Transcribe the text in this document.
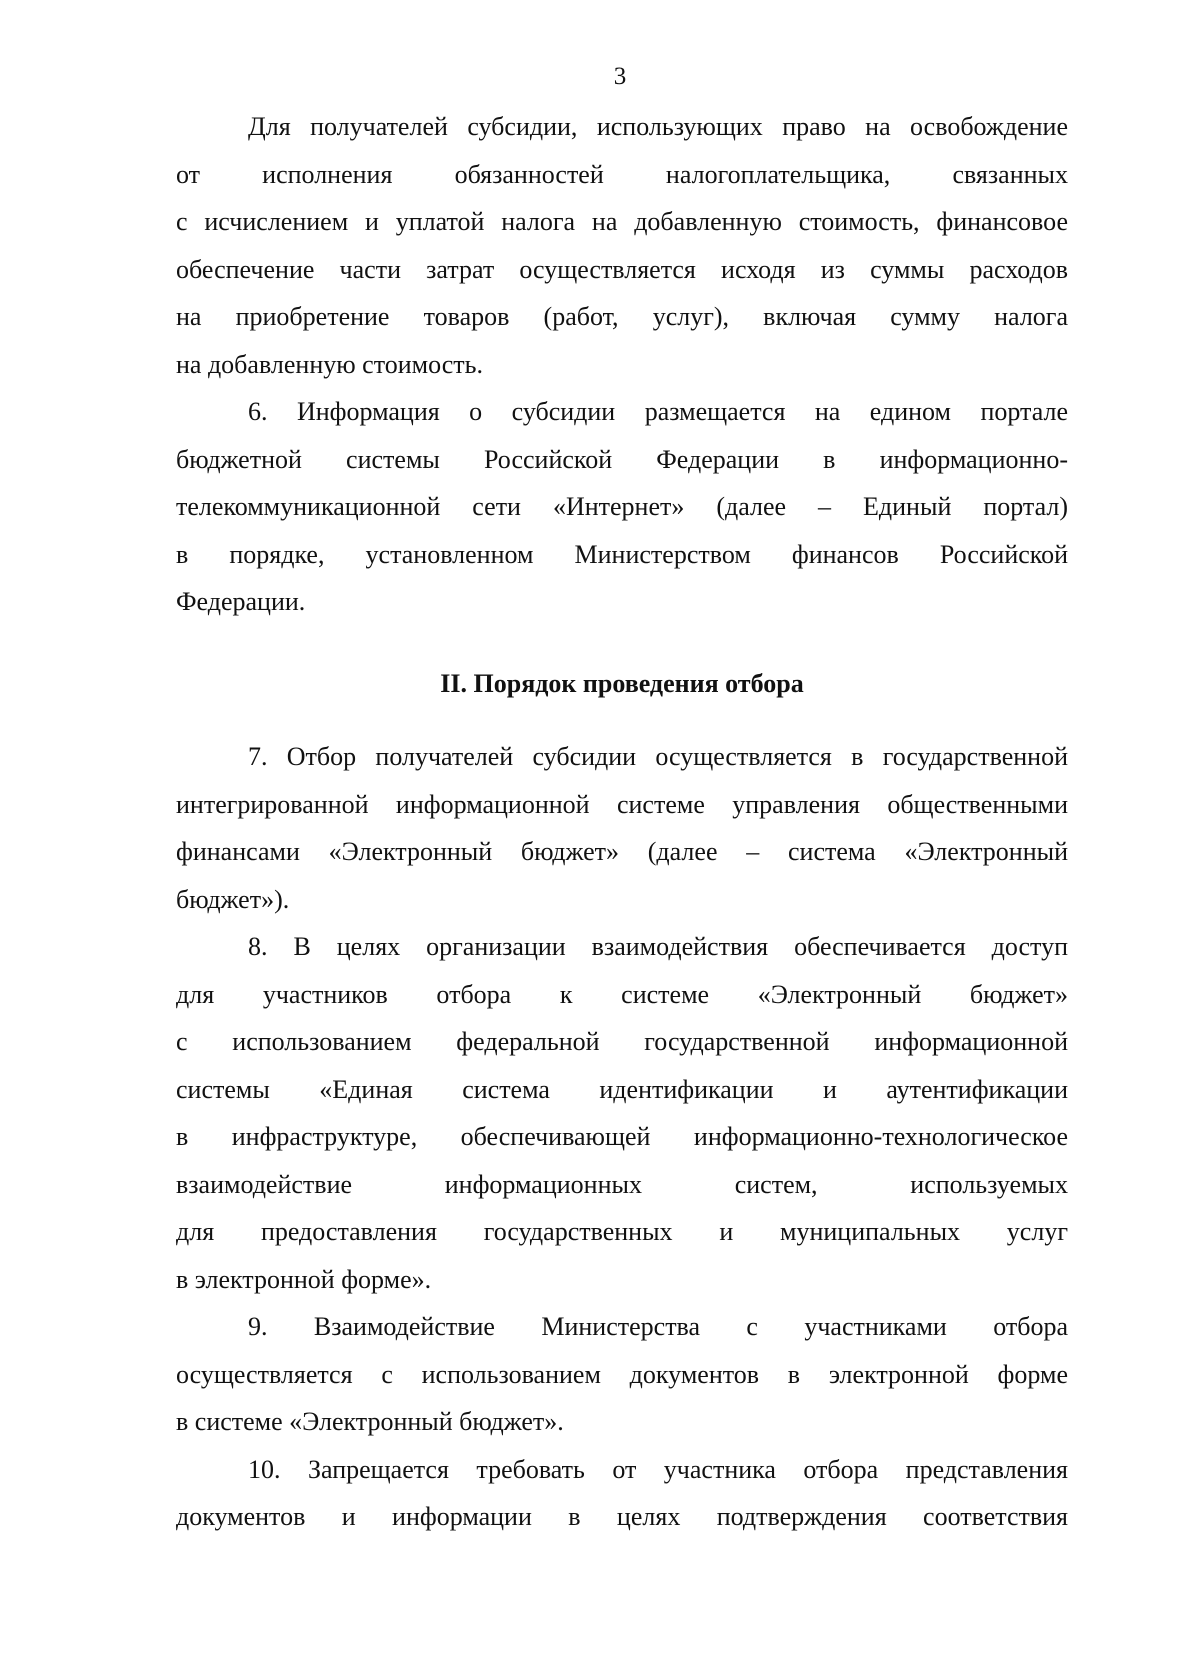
3

Для получателей субсидии, использующих право на освобождение
от исполнения обязанностей налогоплательщика, связанных
с исчислением и уплатой налога на добавленную стоимость, финансовое
обеспечение части затрат осуществляется исходя из суммы расходов
на приобретение товаров (работ, услуг), включая сумму налога
на добавленную стоимость.

6. Информация о субсидии размещается на едином портале
бюджетной системы Российской Федерации в информационно-
телекоммуникационной сети «Интернет» (далее – Единый портал)
в порядке, установленном Министерством финансов Российской
Федерации.

II. Порядок проведения отбора

7. Отбор получателей субсидии осуществляется в государственной
интегрированной информационной системе управления общественными
финансами «Электронный бюджет» (далее – система «Электронный
бюджет»).

8. В целях организации взаимодействия обеспечивается доступ
для участников отбора к системе «Электронный бюджет»
с использованием федеральной государственной информационной
системы «Единая система идентификации и аутентификации
в инфраструктуре, обеспечивающей информационно-технологическое
взаимодействие информационных систем, используемых
для предоставления государственных и муниципальных услуг
в электронной форме».

9. Взаимодействие Министерства с участниками отбора
осуществляется с использованием документов в электронной форме
в системе «Электронный бюджет».

10. Запрещается требовать от участника отбора представления
документов и информации в целях подтверждения соответствия
